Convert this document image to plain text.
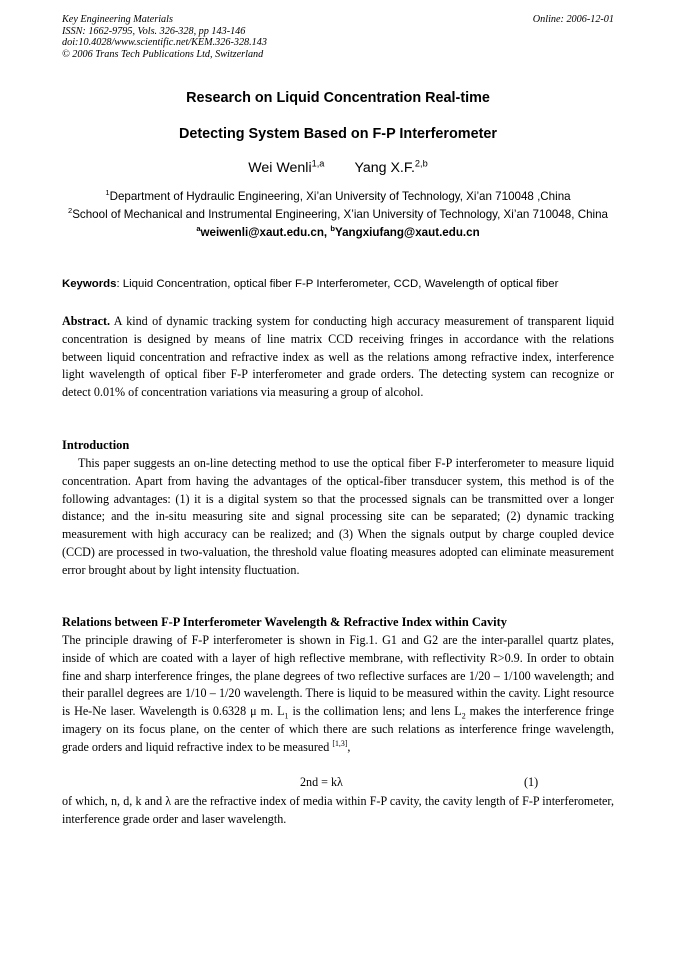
Key Engineering Materials
ISSN: 1662-9795, Vols. 326-328, pp 143-146
doi:10.4028/www.scientific.net/KEM.326-328.143
© 2006 Trans Tech Publications Ltd, Switzerland
Online: 2006-12-01
Research on Liquid Concentration Real-time
Detecting System Based on F-P Interferometer
Wei Wenli$^{1,a}$ Yang X.F.$^{2,b}$
$^1$Department of Hydraulic Engineering, Xi’an University of Technology, Xi’an 710048 ,China
$^2$School of Mechanical and Instrumental Engineering, X’ian University of Technology, Xi’an 710048, China
$^a$weiwenli@xaut.edu.cn, $^b$Yangxiufang@xaut.edu.cn
Keywords: Liquid Concentration, optical fiber F-P Interferometer, CCD, Wavelength of optical fiber
Abstract. A kind of dynamic tracking system for conducting high accuracy measurement of transparent liquid concentration is designed by means of line matrix CCD receiving fringes in accordance with the relations between liquid concentration and refractive index as well as the relations among refractive index, interference light wavelength of optical fiber F-P interferometer and grade orders. The detecting system can recognize or detect 0.01% of concentration variations via measuring a group of alcohol.
Introduction
This paper suggests an on-line detecting method to use the optical fiber F-P interferometer to measure liquid concentration. Apart from having the advantages of the optical-fiber transducer system, this method is of the following advantages: (1) it is a digital system so that the processed signals can be transmitted over a longer distance; and the in-situ measuring site and signal processing site can be separated; (2) dynamic tracking measurement with high accuracy can be realized; and (3) When the signals output by charge coupled device (CCD) are processed in two-valuation, the threshold value floating measures adopted can eliminate measurement error brought about by light intensity fluctuation.
Relations between F-P Interferometer Wavelength & Refractive Index within Cavity
The principle drawing of F-P interferometer is shown in Fig.1. G1 and G2 are the inter-parallel quartz plates, inside of which are coated with a layer of high reflective membrane, with reflectivity R>0.9. In order to obtain fine and sharp interference fringes, the plane degrees of two reflective surfaces are 1/20 – 1/100 wavelength; and their parallel degrees are 1/10 – 1/20 wavelength. There is liquid to be measured within the cavity. Light resource is He-Ne laser. Wavelength is 0.6328 μ m. $L_1$ is the collimation lens; and lens $L_2$ makes the interference fringe imagery on its focus plane, on the center of which there are such relations as interference fringe wavelength, grade orders and liquid refractive index to be measured [1,3],
2nd = kλ	(1)
of which, n, d, k and λ are the refractive index of media within F-P cavity, the cavity length of F-P interferometer, interference grade order and laser wavelength.
